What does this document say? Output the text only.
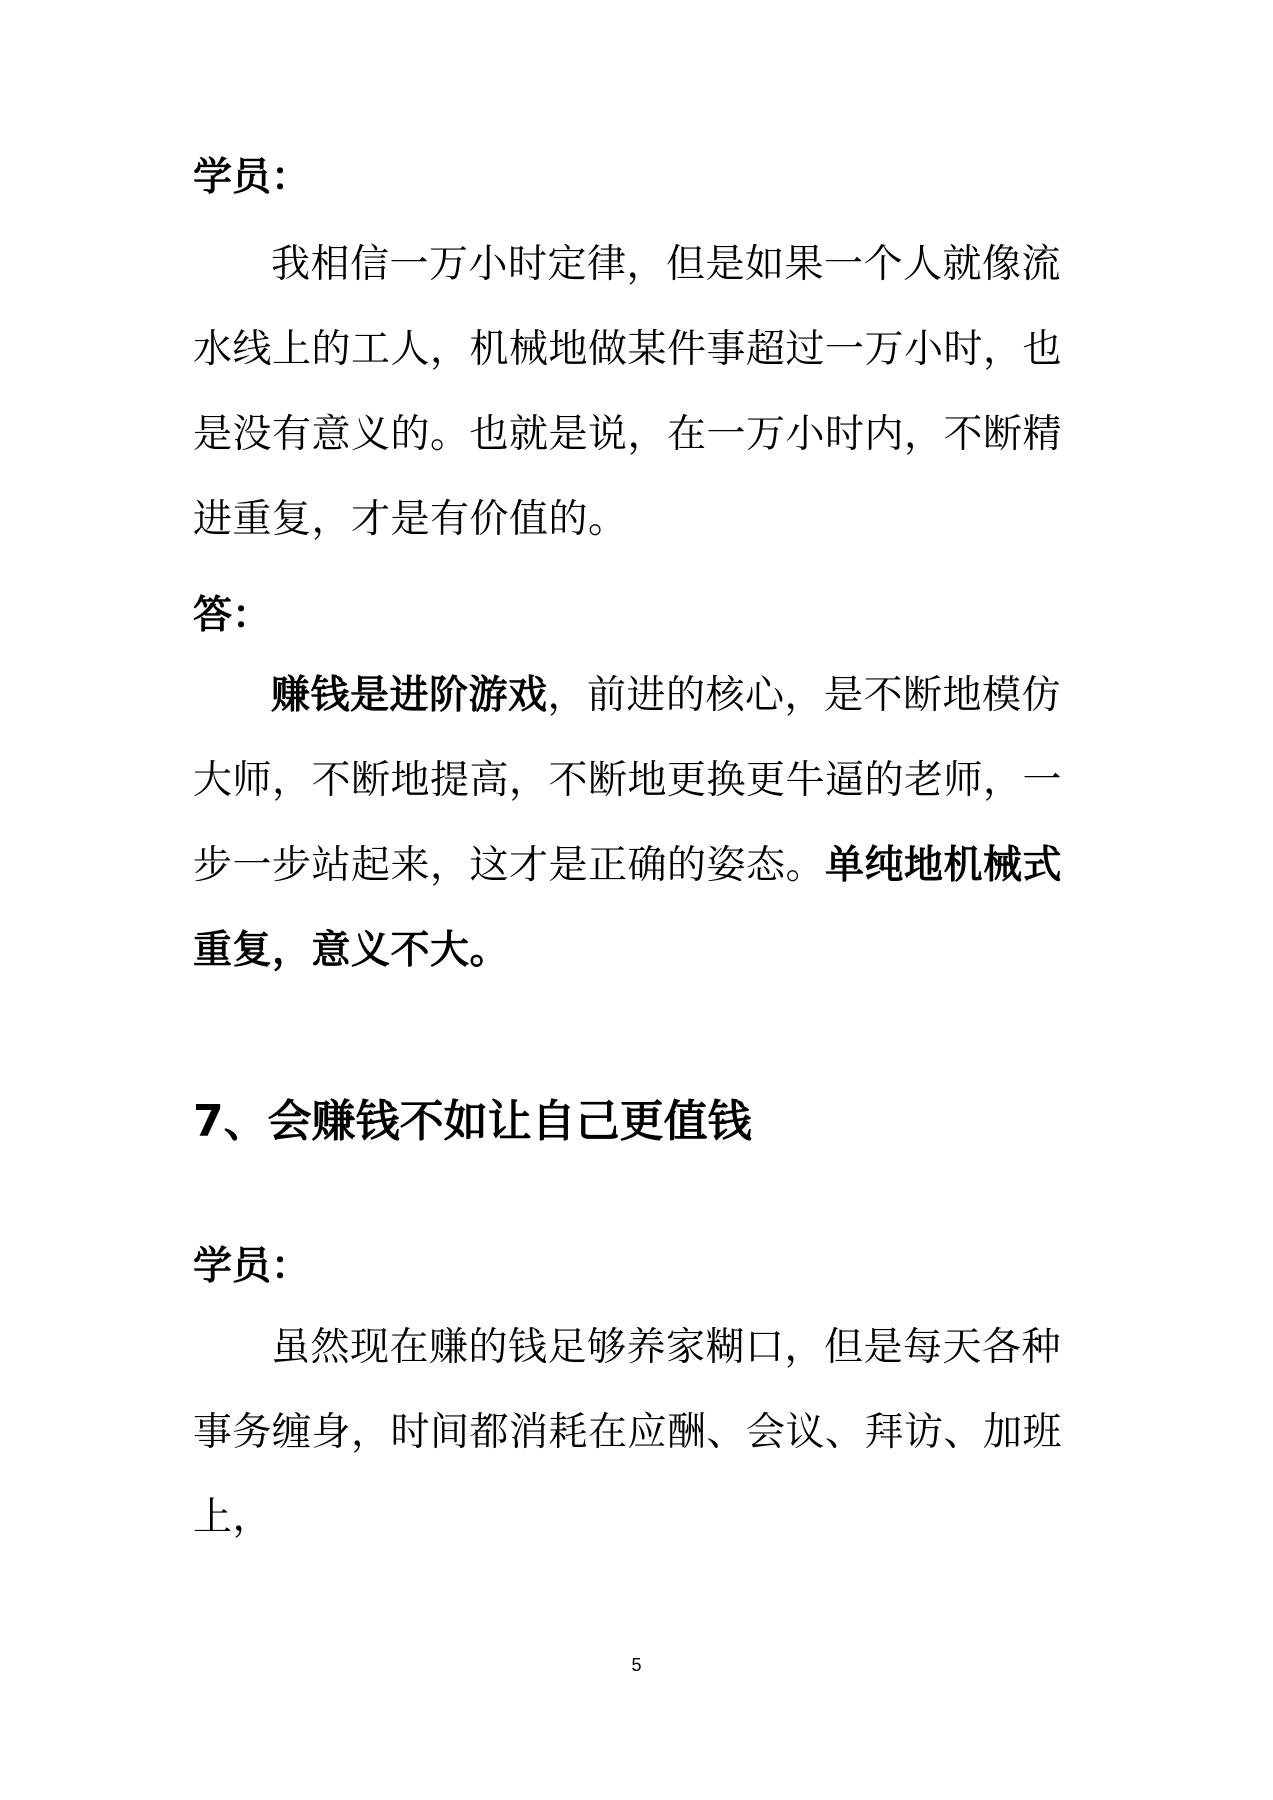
学员：
我相信一万小时定律，但是如果一个人就像流水线上的工人，机械地做某件事超过一万小时，也是没有意义的。也就是说，在一万小时内，不断精进重复，才是有价值的。
答：
赚钱是进阶游戏，前进的核心，是不断地模仿大师，不断地提高，不断地更换更牛逼的老师，一步一步站起来，这才是正确的姿态。单纯地机械式重复，意义不大。
7、会赚钱不如让自己更值钱
学员：
虽然现在赚的钱足够养家糊口，但是每天各种事务缠身，时间都消耗在应酬、会议、拜访、加班上，
5
